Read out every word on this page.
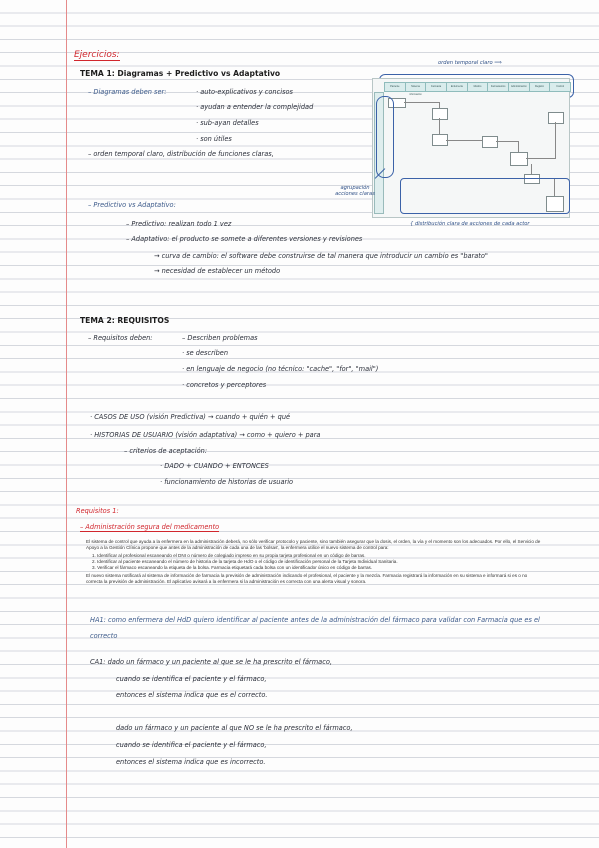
Ejercicios:
TEMA 1: Diagramas + Predictivo vs Adaptativo
– Diagramas deben ser:	· auto-explicativos y concisos
· ayudan a entender la complejidad
· sub-ayan detalles
· son útiles
– orden temporal claro, distribución de funciones claras,
– Predictivo vs Adaptativo:
– Predictivo: realizan todo 1 vez
– Adaptativo: el producto se somete a diferentes versiones y revisiones
→ curva de cambio: el software debe construirse de tal manera que introducir un cambio es "barato"
→ necesidad de establecer un método
orden temporal claro ⟹
Paciente	Sistema información
Farmacia	Enfermería	Médico	Farmacéutico	Administración	Registro	Control
agrupación acciones claras
{ distribución clara de acciones de cada actor
TEMA 2: REQUISITOS
– Requisitos deben:	– Describen problemas
· se describen
· en lenguaje de negocio (no técnico: "cache", "for", "mail")
· concretos y perceptores
· CASOS DE USO (visión Predictiva) → cuando + quién + qué
· HISTORIAS DE USUARIO (visión adaptativa) → como + quiero + para
– criterios de aceptación:
· DADO + CUANDO + ENTONCES
· funcionamiento de historias de usuario
Requisitos 1:
– Administración segura del medicamento

El sistema de control que ayuda a la enfermera en la administración deberá, no sólo verificar protocolo y paciente, sino también asegurar que la dosis, el orden, la vía y el momento son los adecuados. Por ello, el Servicio de Apoyo a la Gestión Clínica propone que antes de la administración de cada una de las 'bolsas', la enfermera utilice el nuevo sistema de control para:

1. Identificar al profesional escaneando el DNI o número de colegiado impreso en su propia tarjeta profesional en un código de barras.

2. Identificar al paciente escaneando el número de historia de la tarjeta de HdO o el código de identificación personal de la Tarjeta Individual Sanitaria.

3. Verificar el fármaco escaneando la etiqueta de la bolsa. Farmacia etiquetará cada bolsa con un identificador único en código de barras.

El nuevo sistema notificará al sistema de información de farmacia la previsión de administración indicando el profesional, el paciente y la mezcla. Farmacia registrará la información en su sistema e informará si es o no correcta la previsión de administración. El aplicativo avisará a la enfermera si la administración es correcta con una alerta visual y sonora.

HA1: como enfermera del HdD quiero identificar al paciente antes de la administración del fármaco para validar con Farmacia que es el correcto
CA1: dado un fármaco y un paciente al que se le ha prescrito el fármaco,
cuando se identifica el paciente y el fármaco,
entonces el sistema indica que es el correcto.
dado un fármaco y un paciente al que NO se le ha prescrito el fármaco,
cuando se identifica el paciente y el fármaco,
entonces el sistema indica que es incorrecto.
